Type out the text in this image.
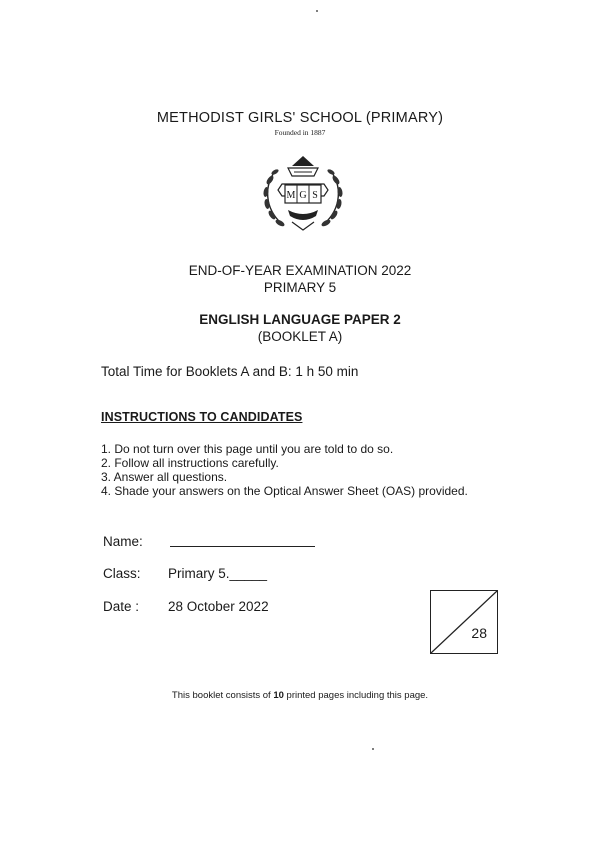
METHODIST GIRLS' SCHOOL (PRIMARY)
Founded in 1887
M G S
END-OF-YEAR EXAMINATION 2022
PRIMARY 5
ENGLISH LANGUAGE PAPER 2
(BOOKLET A)
Total Time for Booklets A and B: 1 h 50 min
INSTRUCTIONS TO CANDIDATES
1. Do not turn over this page until you are told to do so.
2. Follow all instructions carefully.
3. Answer all questions.
4. Shade your answers on the Optical Answer Sheet (OAS) provided.
Name:
Class: Primary 5._____
Date : 28 October 2022
28
This booklet consists of 10 printed pages including this page.
